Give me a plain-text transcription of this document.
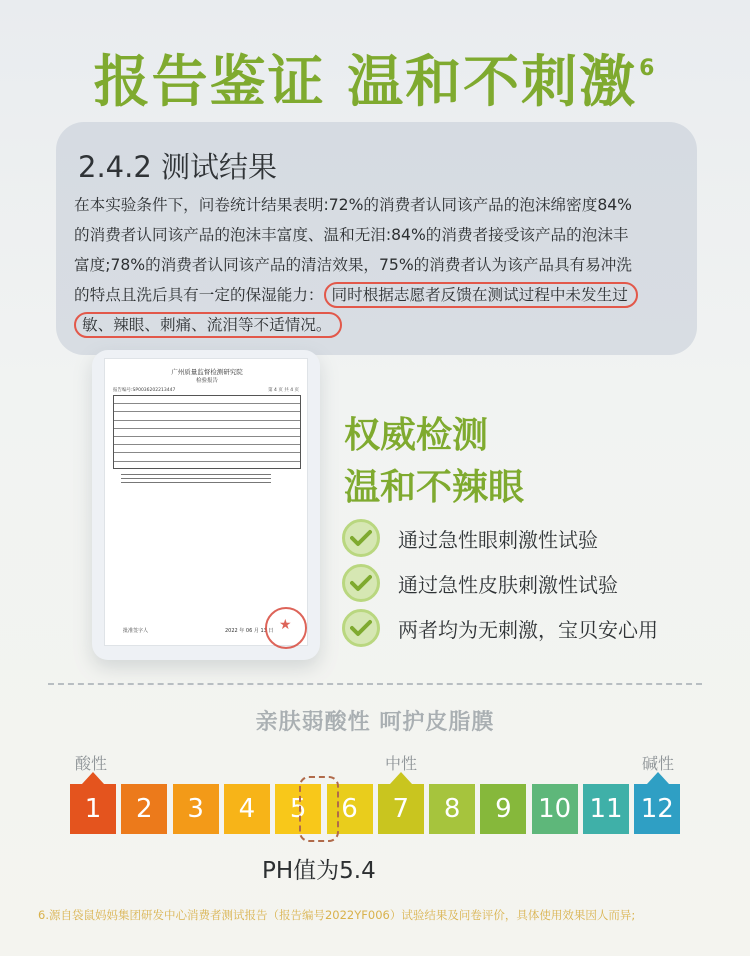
报告鉴证 温和不刺激$^6$
2.4.2 测试结果
在本实验条件下，问卷统计结果表明:72%的消费者认同该产品的泡沫绵密度84%
的消费者认同该产品的泡沫丰富度、温和无泪:84%的消费者接受该产品的泡沫丰
富度;78%的消费者认同该产品的清洁效果，75%的消费者认为该产品具有易冲洗
的特点且洗后具有一定的保湿能力： 同时根据志愿者反馈在测试过程中未发生过
敏、辣眼、刺痛、流泪等不适情况。
广州质量监督检测研究院
检验报告
报告编号:SP0036202213447	第 4 页 共 4 页
批准签字人	2022 年 06 月 13 日
★
权威检测
温和不辣眼
通过急性眼刺激性试验
通过急性皮肤刺激性试验
两者均为无刺激，宝贝安心用
亲肤弱酸性 呵护皮脂膜
酸性	中性	碱性
1	2	3	4	5	6	7	8	9	10 11 12
PH值为5.4
6.源自袋鼠妈妈集团研发中心消费者测试报告（报告编号2022YF006）试验结果及问卷评价，具体使用效果因人而异;
